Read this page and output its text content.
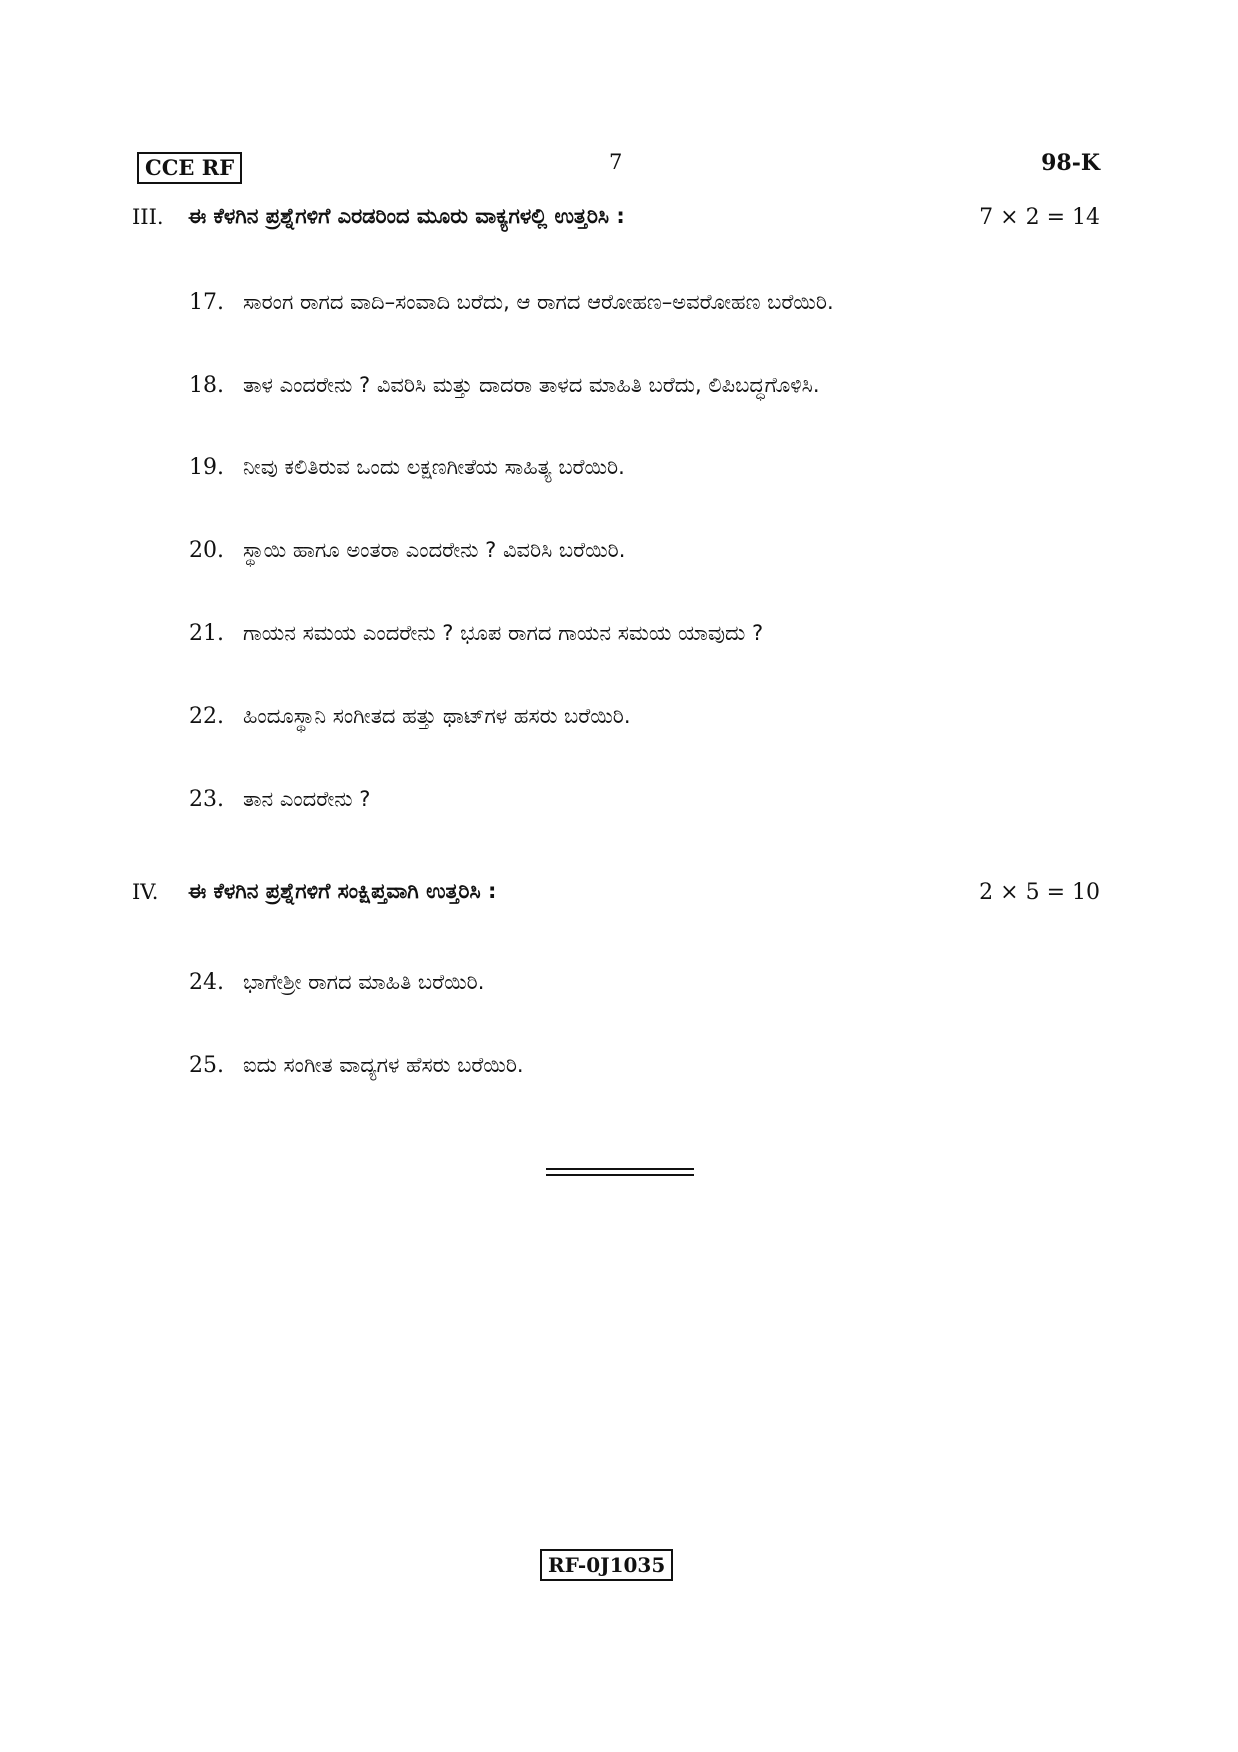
CCE RF	7	98-K
III. ಈ ಕೆಳಗಿನ ಪ್ರಶ್ನೆಗಳಿಗೆ ಎರಡರಿಂದ ಮೂರು ವಾಕ್ಯಗಳಲ್ಲಿ ಉತ್ತರಿಸಿ :	7 × 2 = 14
17. ಸಾರಂಗ ರಾಗದ ವಾದಿ–ಸಂವಾದಿ ಬರೆದು, ಆ ರಾಗದ ಆರೋಹಣ–ಅವರೋಹಣ ಬರೆಯಿರಿ.
18. ತಾಳ ಎಂದರೇನು ? ವಿವರಿಸಿ ಮತ್ತು ದಾದರಾ ತಾಳದ ಮಾಹಿತಿ ಬರೆದು, ಲಿಪಿಬದ್ಧಗೊಳಿಸಿ.
19. ನೀವು ಕಲಿತಿರುವ ಒಂದು ಲಕ್ಷಣಗೀತೆಯ ಸಾಹಿತ್ಯ ಬರೆಯಿರಿ.
20. ಸ್ಥಾಯಿ ಹಾಗೂ ಅಂತರಾ ಎಂದರೇನು ? ವಿವರಿಸಿ ಬರೆಯಿರಿ.
21. ಗಾಯನ ಸಮಯ ಎಂದರೇನು ? ಭೂಪ ರಾಗದ ಗಾಯನ ಸಮಯ ಯಾವುದು ?
22. ಹಿಂದೂಸ್ಥಾನಿ ಸಂಗೀತದ ಹತ್ತು ಥಾಟ್‌ಗಳ ಹಸರು ಬರೆಯಿರಿ.
23. ತಾನ ಎಂದರೇನು ?
IV. ಈ ಕೆಳಗಿನ ಪ್ರಶ್ನೆಗಳಿಗೆ ಸಂಕ್ಷಿಪ್ತವಾಗಿ ಉತ್ತರಿಸಿ :	2 × 5 = 10
24. ಭಾಗೇಶ್ರೀ ರಾಗದ ಮಾಹಿತಿ ಬರೆಯಿರಿ.
25. ಐದು ಸಂಗೀತ ವಾದ್ಯಗಳ ಹೆಸರು ಬರೆಯಿರಿ.
RF-0J1035
